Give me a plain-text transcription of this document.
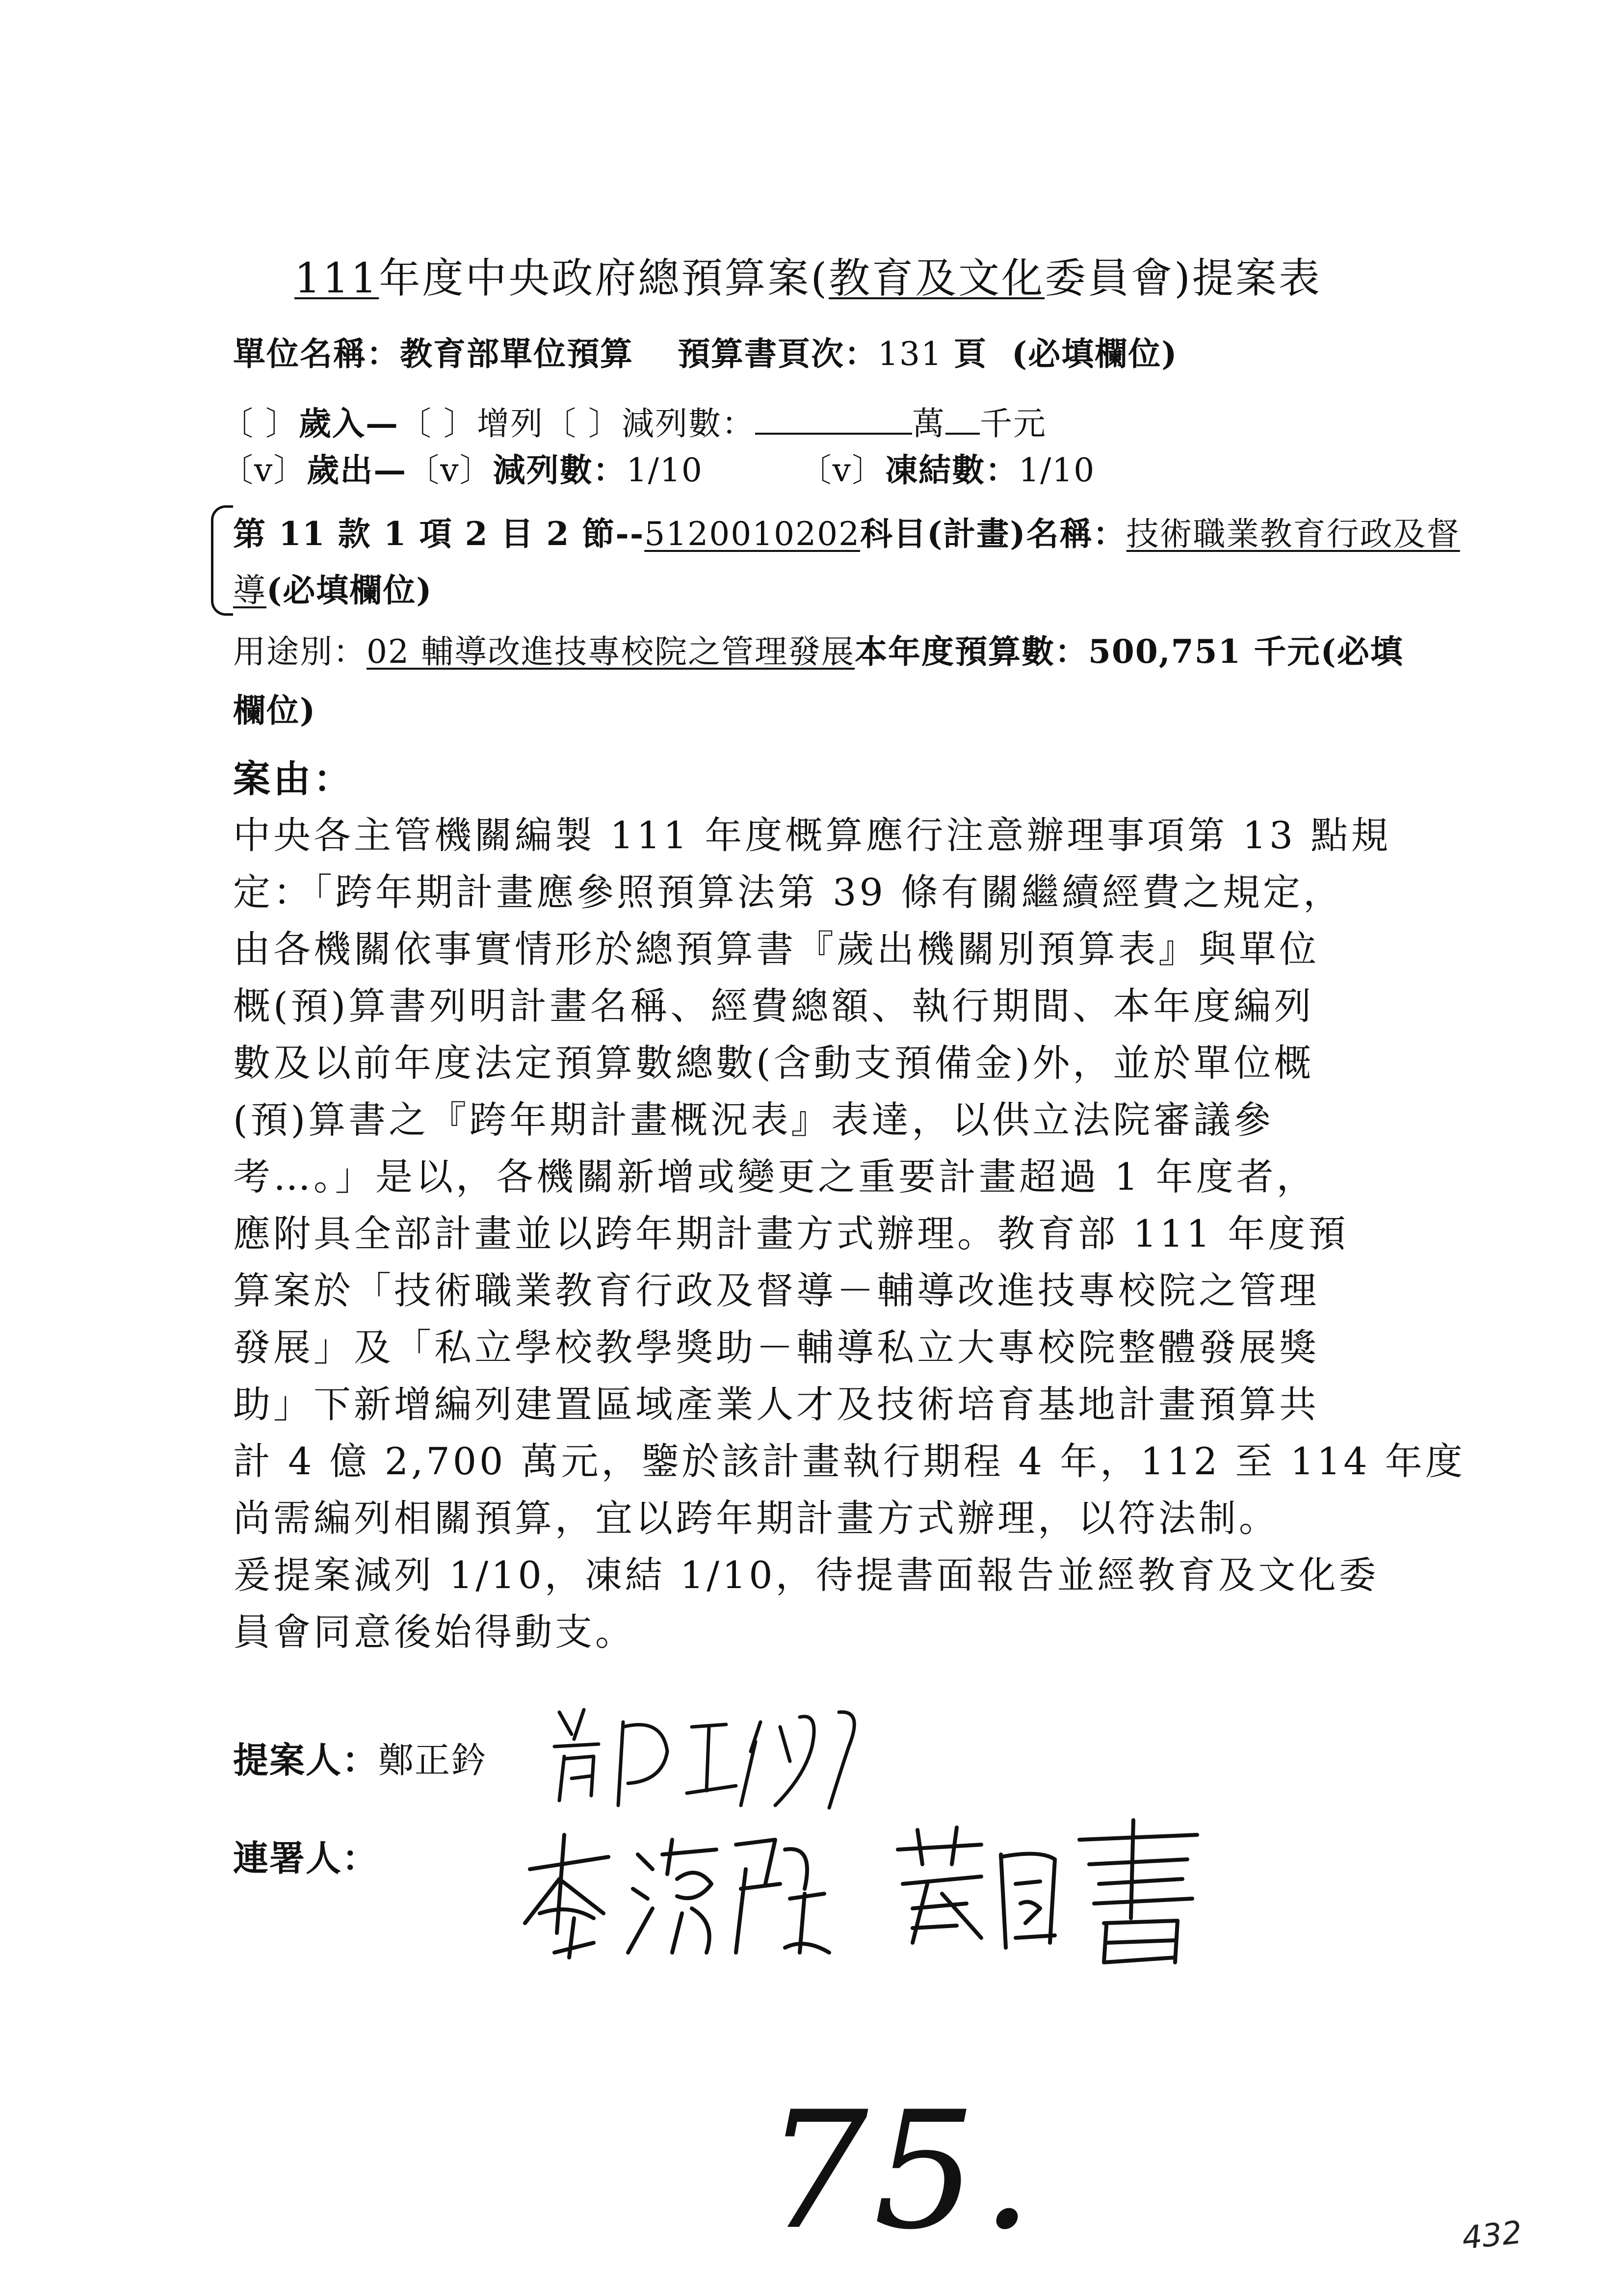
111年度中央政府總預算案(教育及文化委員會)提案表
單位名稱：教育部單位預算 預算書頁次：131 頁 (必填欄位)
〔 〕歲入—〔 〕增列〔 〕減列數：	萬 千元
〔v〕歲出—〔v〕減列數：1/10	〔v〕凍結數：1/10
第 11 款 1 項 2 目 2 節--5120010202科目(計畫)名稱：技術職業教育行政及督
導(必填欄位)
用途別：02 輔導改進技專校院之管理發展本年度預算數：500,751 千元(必填
欄位)
案由：
中央各主管機關編製 111 年度概算應行注意辦理事項第 13 點規
定：「跨年期計畫應參照預算法第 39 條有關繼續經費之規定，
由各機關依事實情形於總預算書『歲出機關別預算表』與單位
概(預)算書列明計畫名稱、經費總額、執行期間、本年度編列
數及以前年度法定預算數總數(含動支預備金)外，並於單位概
(預)算書之『跨年期計畫概況表』表達，以供立法院審議參
考…。」是以，各機關新增或變更之重要計畫超過 1 年度者，
應附具全部計畫並以跨年期計畫方式辦理。教育部 111 年度預
算案於「技術職業教育行政及督導－輔導改進技專校院之管理
發展」及「私立學校教學獎助－輔導私立大專校院整體發展獎
助」下新增編列建置區域產業人才及技術培育基地計畫預算共
計 4 億 2,700 萬元，鑒於該計畫執行期程 4 年，112 至 114 年度
尚需編列相關預算，宜以跨年期計畫方式辦理，以符法制。
爰提案減列 1/10，凍結 1/10，待提書面報告並經教育及文化委
員會同意後始得動支。
提案人：鄭正鈐
連署人：
75.	432
